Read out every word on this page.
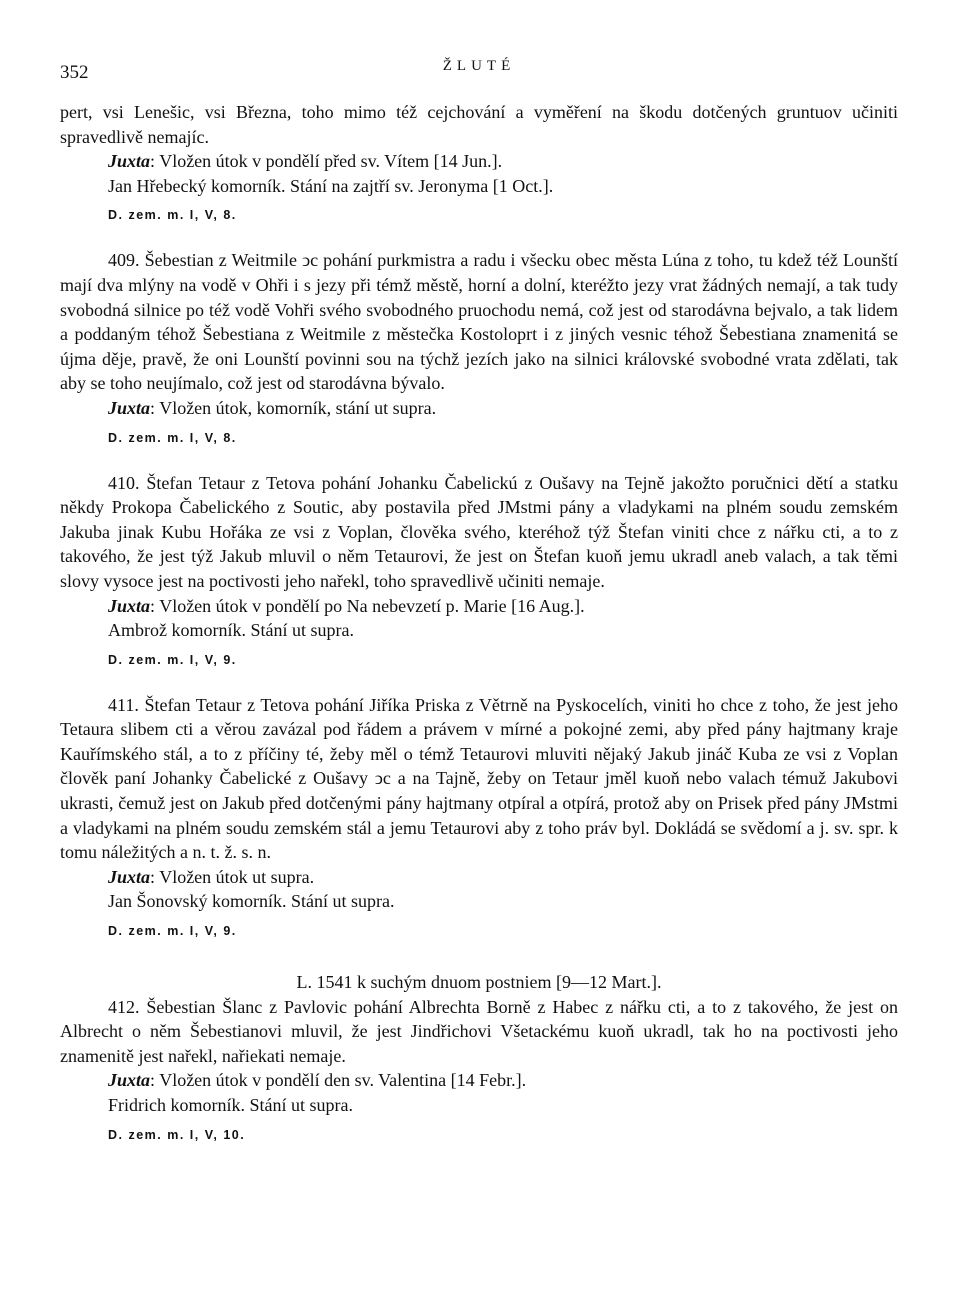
352	ŽLUTÉ

pert, vsi Lenešic, vsi Března, toho mimo též cejchování a vyměření na škodu dotčených gruntuov učiniti spravedlivě nemajíc.

Juxta: Vložen útok v pondělí před sv. Vítem [14 Jun.].

Jan Hřebecký komorník. Stání na zajtří sv. Jeronyma [1 Oct.].

D. zem. m. I, V, 8.

409. Šebestian z Weitmile ↄc pohání purkmistra a radu i všecku obec města Lúna z toho, tu kdež též Lounští mají dva mlýny na vodě v Ohři i s jezy při témž městě, horní a dolní, kteréžto jezy vrat žádných nemají, a tak tudy svobodná silnice po též vodě Vohři svého svobodného pruochodu nemá, což jest od starodávna bejvalo, a tak lidem a poddaným téhož Šebestiana z Weitmile z městečka Kostoloprt i z jiných vesnic téhož Šebestiana znamenitá se újma děje, pravě, že oni Lounští povinni sou na týchž jezích jako na silnici královské svobodné vrata zdělati, tak aby se toho neujímalo, což jest od starodávna bývalo.

Juxta: Vložen útok, komorník, stání ut supra.

D. zem. m. I, V, 8.

410. Štefan Tetaur z Tetova pohání Johanku Čabelickú z Oušavy na Tejně jakožto poručnici dětí a statku někdy Prokopa Čabelického z Soutic, aby postavila před JMstmi pány a vladykami na plném soudu zemském Jakuba jinak Kubu Hořáka ze vsi z Voplan, člověka svého, kteréhož týž Štefan viniti chce z nářku cti, a to z takového, že jest týž Jakub mluvil o něm Tetaurovi, že jest on Štefan kuoň jemu ukradl aneb valach, a tak těmi slovy vysoce jest na poctivosti jeho nařekl, toho spravedlivě učiniti nemaje.

Juxta: Vložen útok v pondělí po Na nebevzetí p. Marie [16 Aug.].

Ambrož komorník. Stání ut supra.

D. zem. m. I, V, 9.

411. Štefan Tetaur z Tetova pohání Jiříka Priska z Větrně na Pyskocelích, viniti ho chce z toho, že jest jeho Tetaura slibem cti a věrou zavázal pod řádem a právem v mírné a pokojné zemi, aby před pány hajtmany kraje Kauřímského stál, a to z příčiny té, žeby měl o témž Tetaurovi mluviti nějaký Jakub jináč Kuba ze vsi z Voplan člověk paní Johanky Čabelické z Oušavy ↄc a na Tajně, žeby on Tetaur jměl kuoň nebo valach témuž Jakubovi ukrasti, čemuž jest on Jakub před dotčenými pány hajtmany otpíral a otpírá, protož aby on Prisek před pány JMstmi a vladykami na plném soudu zemském stál a jemu Tetaurovi aby z toho práv byl. Dokládá se svědomí a j. sv. spr. k tomu náležitých a n. t. ž. s. n.

Juxta: Vložen útok ut supra.

Jan Šonovský komorník. Stání ut supra.

D. zem. m. I, V, 9.
L. 1541 k suchým dnuom postniem [9—12 Mart.].

412. Šebestian Šlanc z Pavlovic pohání Albrechta Borně z Habec z nářku cti, a to z takového, že jest on Albrecht o něm Šebestianovi mluvil, že jest Jindřichovi Všetackému kuoň ukradl, tak ho na poctivosti jeho znamenitě jest nařekl, nařiekati nemaje.

Juxta: Vložen útok v pondělí den sv. Valentina [14 Febr.].

Fridrich komorník. Stání ut supra.

D. zem. m. I, V, 10.
